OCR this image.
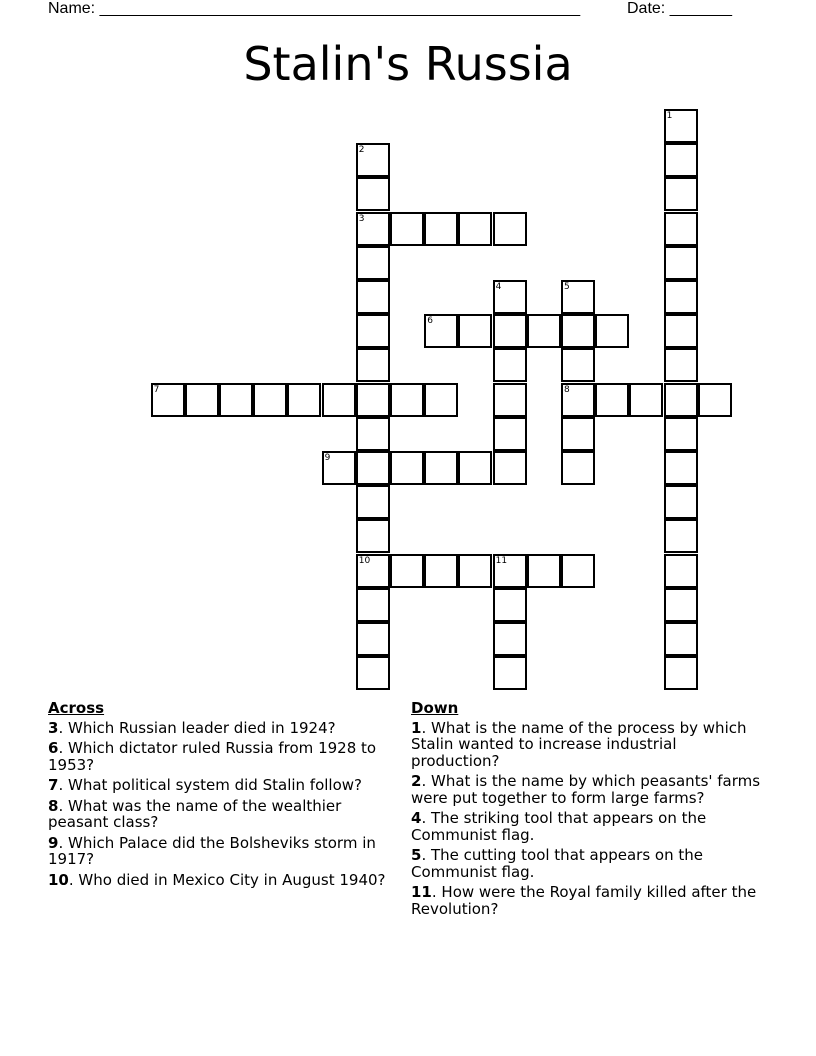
Name: ______________________________________________________	Date: _______
Stalin's Russia
1
2
3
10
4	5
8
6
7
9
11
Across
3. Which Russian leader died in 1924?
6. Which dictator ruled Russia from 1928 to 1953?
7. What political system did Stalin follow?
8. What was the name of the wealthier peasant class?
9. Which Palace did the Bolsheviks storm in 1917?
10. Who died in Mexico City in August 1940?
Down
1. What is the name of the process by which Stalin wanted to increase industrial production?
2. What is the name by which peasants' farms were put together to form large farms?
4. The striking tool that appears on the Communist flag.
5. The cutting tool that appears on the Communist flag.
11. How were the Royal family killed after the Revolution?
